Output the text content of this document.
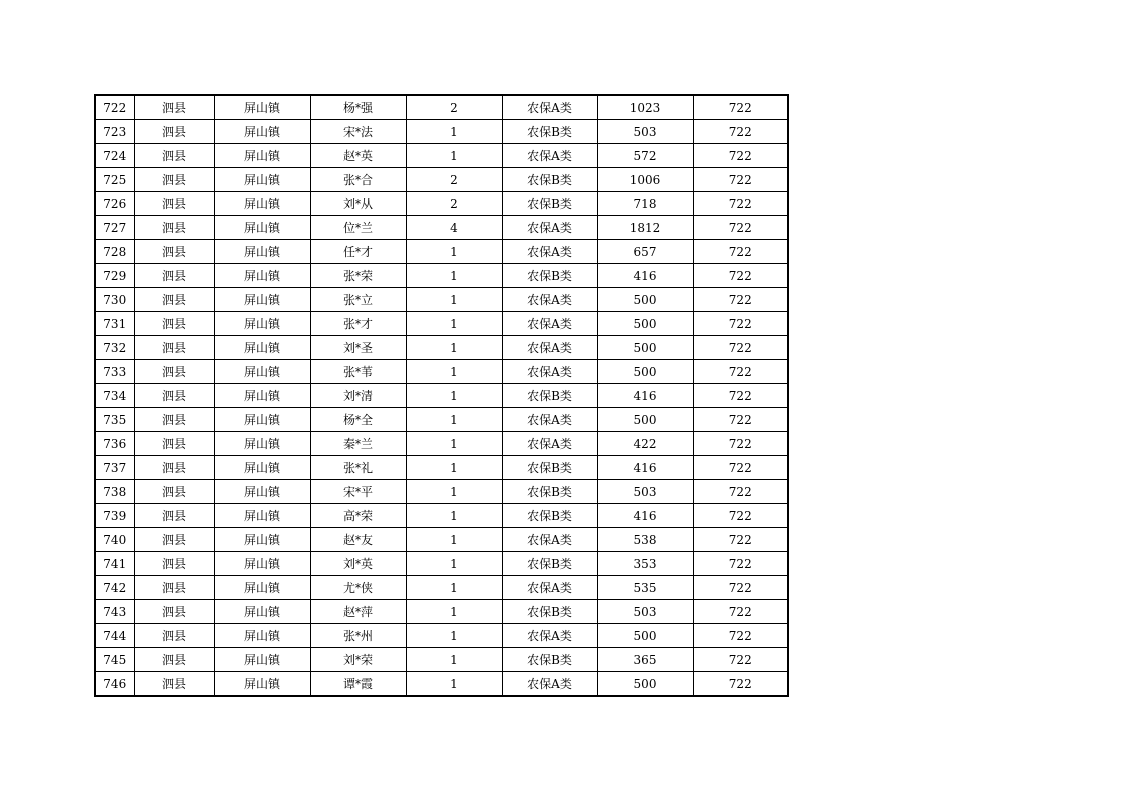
722	泗县	屏山镇	杨*强	2	农保A类	1023	722
723	泗县	屏山镇	宋*法	1	农保B类	503	722
724	泗县	屏山镇	赵*英	1	农保A类	572	722
725	泗县	屏山镇	张*合	2	农保B类	1006	722
726	泗县	屏山镇	刘*从	2	农保B类	718	722
727	泗县	屏山镇	位*兰	4	农保A类	1812	722
728	泗县	屏山镇	任*才	1	农保A类	657	722
729	泗县	屏山镇	张*荣	1	农保B类	416	722
730	泗县	屏山镇	张*立	1	农保A类	500	722
731	泗县	屏山镇	张*才	1	农保A类	500	722
732	泗县	屏山镇	刘*圣	1	农保A类	500	722
733	泗县	屏山镇	张*苇	1	农保A类	500	722
734	泗县	屏山镇	刘*清	1	农保B类	416	722
735	泗县	屏山镇	杨*全	1	农保A类	500	722
736	泗县	屏山镇	秦*兰	1	农保A类	422	722
737	泗县	屏山镇	张*礼	1	农保B类	416	722
738	泗县	屏山镇	宋*平	1	农保B类	503	722
739	泗县	屏山镇	高*荣	1	农保B类	416	722
740	泗县	屏山镇	赵*友	1	农保A类	538	722
741	泗县	屏山镇	刘*英	1	农保B类	353	722
742	泗县	屏山镇	尤*侠	1	农保A类	535	722
743	泗县	屏山镇	赵*萍	1	农保B类	503	722
744	泗县	屏山镇	张*州	1	农保A类	500	722
745	泗县	屏山镇	刘*荣	1	农保B类	365	722
746	泗县	屏山镇	谭*霞	1	农保A类	500	722
